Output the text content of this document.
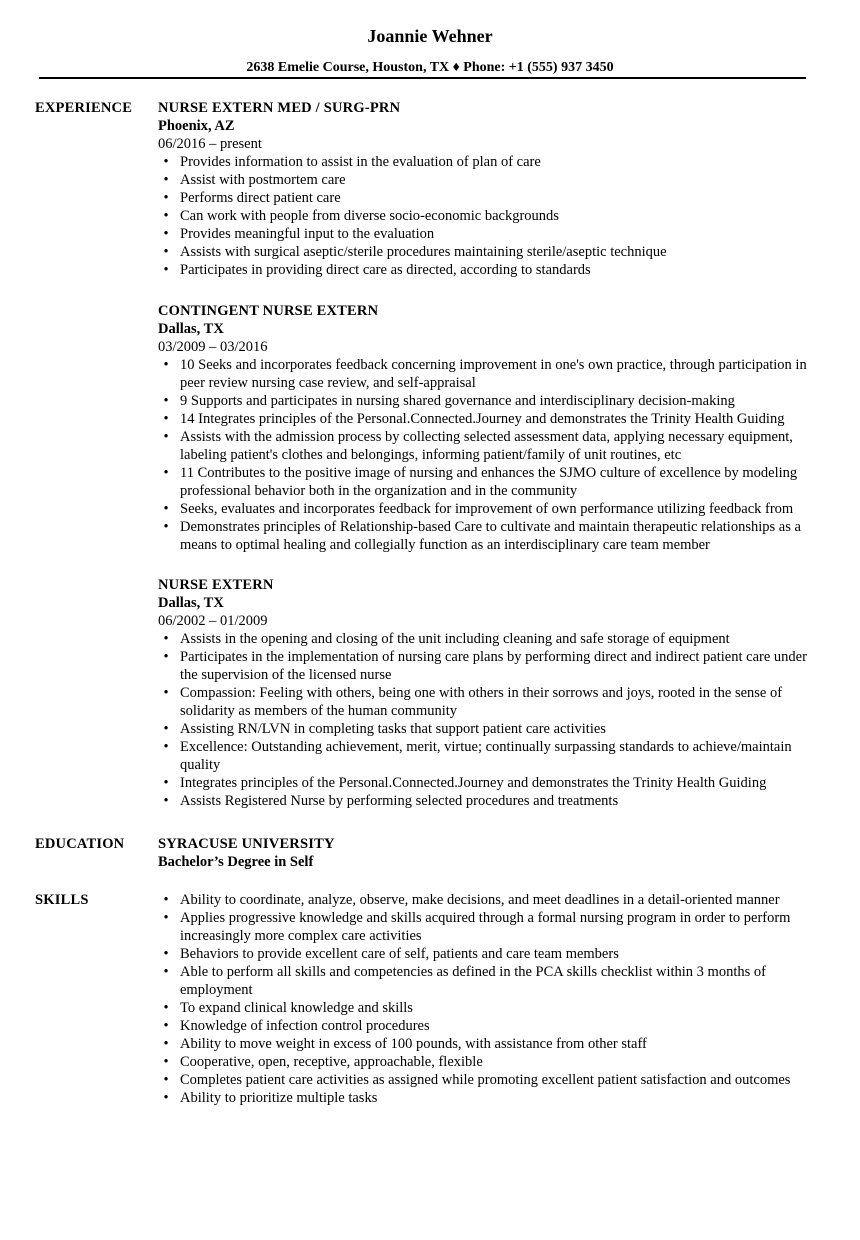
Joannie Wehner
2638 Emelie Course, Houston, TX ♦ Phone: +1 (555) 937 3450
EXPERIENCE
EDUCATION
SKILLS
NURSE EXTERN MED / SURG-PRN
Phoenix, AZ
06/2016 – present
• Provides information to assist in the evaluation of plan of care
• Assist with postmortem care
• Performs direct patient care
• Can work with people from diverse socio-economic backgrounds
• Provides meaningful input to the evaluation
• Assists with surgical aseptic/sterile procedures maintaining sterile/aseptic technique
• Participates in providing direct care as directed, according to standards
CONTINGENT NURSE EXTERN
Dallas, TX
03/2009 – 03/2016
• 10 Seeks and incorporates feedback concerning improvement in one's own practice, through participation in peer review nursing case review, and self-appraisal
• 9 Supports and participates in nursing shared governance and interdisciplinary decision-making
• 14 Integrates principles of the Personal.Connected.Journey and demonstrates the Trinity Health Guiding
• Assists with the admission process by collecting selected assessment data, applying necessary equipment, labeling patient's clothes and belongings, informing patient/family of unit routines, etc
• 11 Contributes to the positive image of nursing and enhances the SJMO culture of excellence by modeling professional behavior both in the organization and in the community
• Seeks, evaluates and incorporates feedback for improvement of own performance utilizing feedback from
• Demonstrates principles of Relationship-based Care to cultivate and maintain therapeutic relationships as a means to optimal healing and collegially function as an interdisciplinary care team member
NURSE EXTERN
Dallas, TX
06/2002 – 01/2009
• Assists in the opening and closing of the unit including cleaning and safe storage of equipment
• Participates in the implementation of nursing care plans by performing direct and indirect patient care under the supervision of the licensed nurse
• Compassion: Feeling with others, being one with others in their sorrows and joys, rooted in the sense of solidarity as members of the human community
• Assisting RN/LVN in completing tasks that support patient care activities
• Excellence: Outstanding achievement, merit, virtue; continually surpassing standards to achieve/maintain quality
• Integrates principles of the Personal.Connected.Journey and demonstrates the Trinity Health Guiding
• Assists Registered Nurse by performing selected procedures and treatments
SYRACUSE UNIVERSITY
Bachelor’s Degree in Self
• Ability to coordinate, analyze, observe, make decisions, and meet deadlines in a detail-oriented manner
• Applies progressive knowledge and skills acquired through a formal nursing program in order to perform increasingly more complex care activities
• Behaviors to provide excellent care of self, patients and care team members
• Able to perform all skills and competencies as defined in the PCA skills checklist within 3 months of employment
• To expand clinical knowledge and skills
• Knowledge of infection control procedures
• Ability to move weight in excess of 100 pounds, with assistance from other staff
• Cooperative, open, receptive, approachable, flexible
• Completes patient care activities as assigned while promoting excellent patient satisfaction and outcomes
• Ability to prioritize multiple tasks
